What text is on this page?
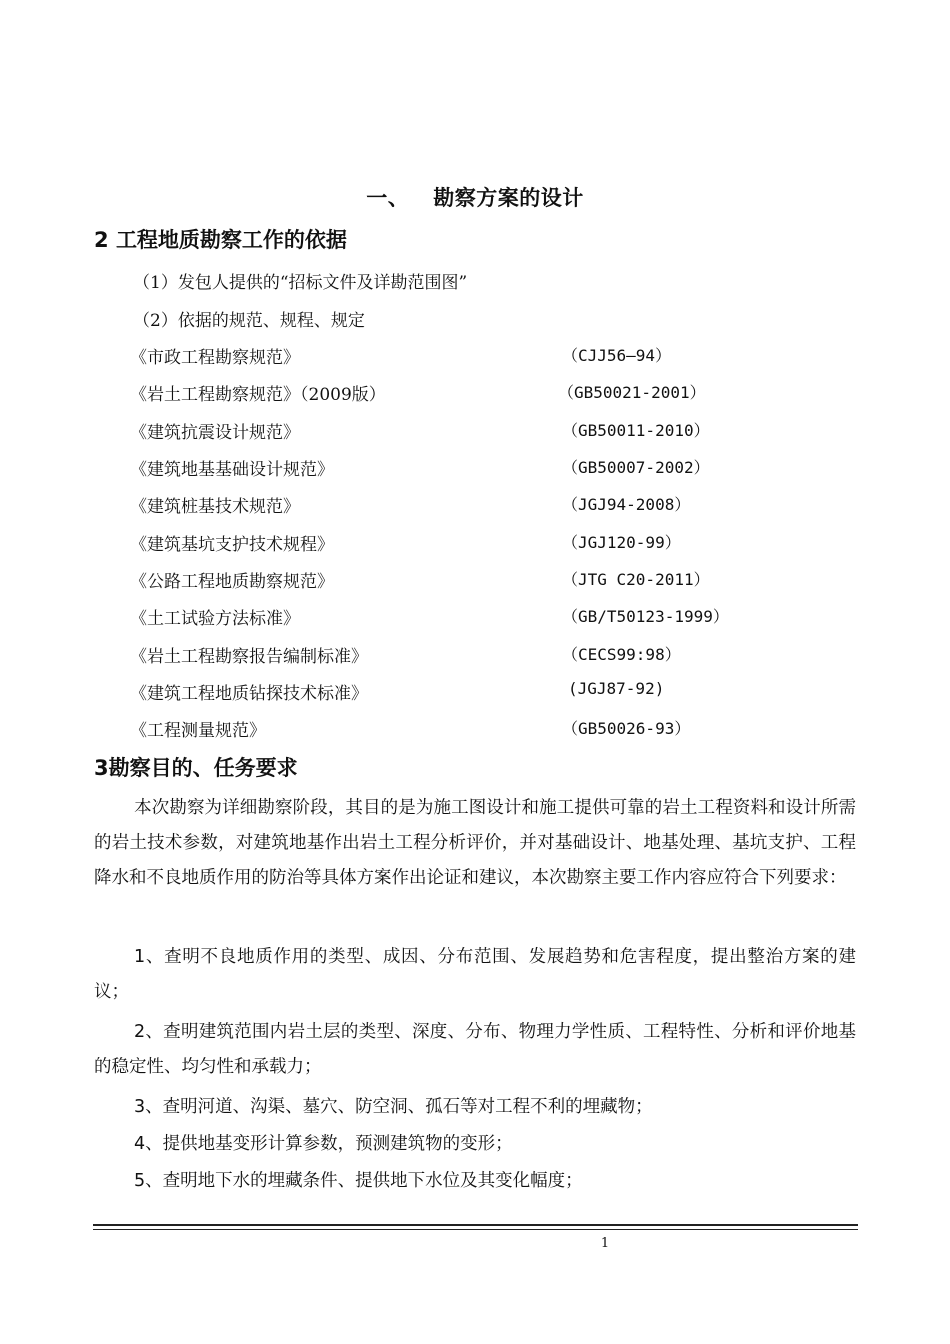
一、 勘察方案的设计
2 工程地质勘察工作的依据
（1）发包人提供的“招标文件及详勘范围图”
（2）依据的规范、规程、规定
《市政工程勘察规范》	（CJJ56—94）
《岩土工程勘察规范》（2009版）	（GB50021-2001）
《建筑抗震设计规范》	（GB50011-2010）
《建筑地基基础设计规范》	（GB50007-2002）
《建筑桩基技术规范》	（JGJ94-2008）
《建筑基坑支护技术规程》	（JGJ120-99）
《公路工程地质勘察规范》	（JTG C20-2011）
《土工试验方法标准》	（GB/T50123-1999）
《岩土工程勘察报告编制标准》	（CECS99:98）
《建筑工程地质钻探技术标准》	(JGJ87-92)
《工程测量规范》	（GB50026-93）
3勘察目的、任务要求
本次勘察为详细勘察阶段，其目的是为施工图设计和施工提供可靠的岩土工程资料和设计所需的岩土技术参数，对建筑地基作出岩土工程分析评价，并对基础设计、地基处理、基坑支护、工程降水和不良地质作用的防治等具体方案作出论证和建议，本次勘察主要工作内容应符合下列要求：
1、查明不良地质作用的类型、成因、分布范围、发展趋势和危害程度，提出整治方案的建议；
2、查明建筑范围内岩土层的类型、深度、分布、物理力学性质、工程特性、分析和评价地基的稳定性、均匀性和承载力；
3、查明河道、沟渠、墓穴、防空洞、孤石等对工程不利的埋藏物；
4、提供地基变形计算参数，预测建筑物的变形；
5、查明地下水的埋藏条件、提供地下水位及其变化幅度；
1
